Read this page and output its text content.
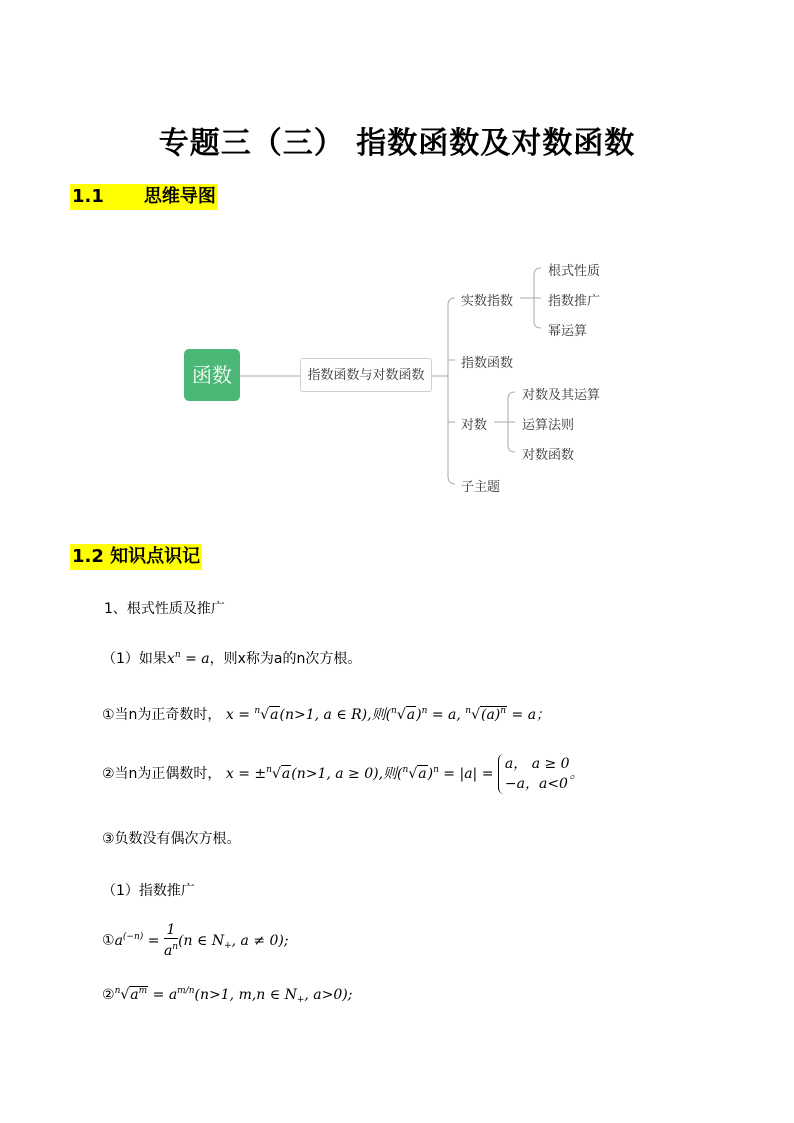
专题三（三） 指数函数及对数函数
1.1 思维导图
函数	指数函数与对数函数
实数指数
指数函数
对数
子主题
根式性质
指数推广
幂运算
对数及其运算
运算法则
对数函数
1.2 知识点识记
1、根式性质及推广
（1）如果$x^n = a$，则x称为a的n次方根。
①当n为正奇数时， x = $^n$√a(n>1, a ∈ R),则$(^n√a)^n = a$, $^n√(a)^n = a$；
②当n为正偶数时， x = ±$^n$√a(n>1, a ≥ 0),则$(^n√a)^n = |a|$ =
a， a ≥ 0
−a，a<0
。
③负数没有偶次方根。
（1）指数推广
$①a^{(-n)} = \frac{1}{a^n} (n$ ∈ $N_+$, a ≠ 0);
$②^n√a^m = a^{m/n}(n>1$, m,n ∈ $N_+$, a>0);
